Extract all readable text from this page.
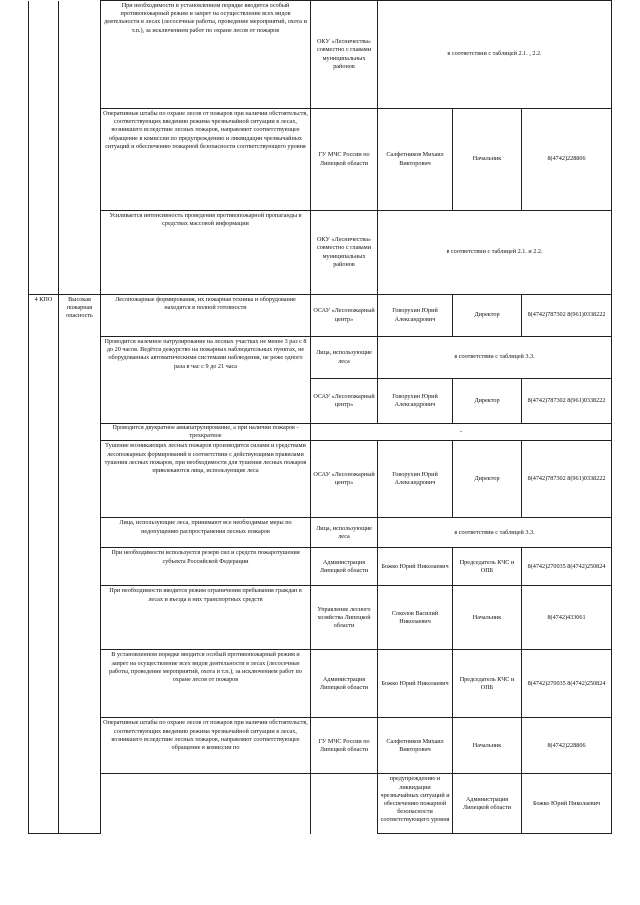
		При необходимости в установленном порядке вводится особый противопожарный режим и запрет на осуществление всех видов деятельности в лесах (лесосечные работы, проведение мероприятий, охота и т.п.), за исключением работ по охране лесов от пожаров	ОКУ «Лесничества» совместно с главами муниципальных районов	в соответствии с таблицей 2.1. , 2.2.			
		Оперативные штабы по охране лесов от пожаров при наличии обстоятельств, соответствующих введению режима чрезвычайной ситуации в лесах, возникшего вследствие лесных пожаров, направляют соответствующее обращение в комиссии по предупреждению и ликвидации чрезвычайных ситуаций и обеспечению пожарной безопасности соответствующего уровня	ГУ МЧС России по Липецкой области	Салфетников Михаил Викторович	Начальник	8(4742)228806	
		Усиливается интенсивность проведения противопожарной пропаганды в средствах массовой информации	ОКУ «Лесничества» совместно с главами муниципальных районов	в соответствии с таблицей 2.1. и 2.2.			
4 КПО	Высокая пожарная опасность	Лесопожарные формирования, их пожарная техника и оборудование находятся в полной готовности	ОСАУ «Лесопожарный центр»	Говорухин Юрий Александрович	Директор	8(4742)787302 8(961)0338222	
		Проводится наземное патрулирование на лесных участках не менее 3 раз с 8 до 20 часов. Ведётся дежурство на пожарных наблюдательных пунктах, не оборудованных автоматическими системами наблюдения, не реже одного раза в час с 9 до 21 часа	Лица, использующие леса	в соответствии с таблицей 3.3.			
			ОСАУ «Лесопожарный центр»	Говорухин Юрий Александрович	Директор	8(4742)787302 8(961)0338222	
		Проводится двукратное авиапатрулирование, а при наличии пожаров - трехкратное	-				
		Тушение возникающих лесных пожаров производится силами и средствами лесопожарных формирований в соответствии с действующими правилами тушения лесных пожаров, при необходимости для тушения лесных пожаров привлекаются лица, использующие леса	ОСАУ «Лесопожарный центр»	Говорухин Юрий Александрович	Директор	8(4742)787302 8(961)0338222	
		Лица, использующие леса, принимают все необходимые меры по недопущению распространения лесных пожаров	Лица, использующие леса	в соответствии с таблицей 3.3.			
		При необходимости используется резерв сил и средств пожаротушения субъекта Российской Федерации	Администрация Липецкой области	Божко Юрий Николаевич	Председатель КЧС и ОПБ	8(4742)270035 8(4742)250824	
		При необходимости вводится режим ограничения пребывания граждан в лесах и въезда в них транспортных средств	Управление лесного хозяйства Липецкой области	Соколов Василий Николаевич	Начальник	8(4742)433061	
		В установленном порядке вводится особый противопожарный режим и запрет на осуществление всех видов деятельности в лесах (лесосечные работы, проведение мероприятий, охота и т.п.), за исключением работ по охране лесов от пожаров	Администрация Липецкой области	Божко Юрий Николаевич	Председатель КЧС и ОПБ	8(4742)270035 8(4742)250824	
		Оперативные штабы по охране лесов от пожаров при наличии обстоятельств, соответствующих введению режима чрезвычайной ситуации в лесах, возникшего вследствие лесных пожаров, направляют соответствующее обращение в комиссии по	ГУ МЧС России по Липецкой области	Салфетников Михаил Викторович	Начальник	8(4742)228806	
				предупреждению и ликвидации чрезвычайных ситуаций и обеспечению пожарной безопасности соответствующего уровня	Администрация Липецкой области	Божко Юрий Николаевич		
